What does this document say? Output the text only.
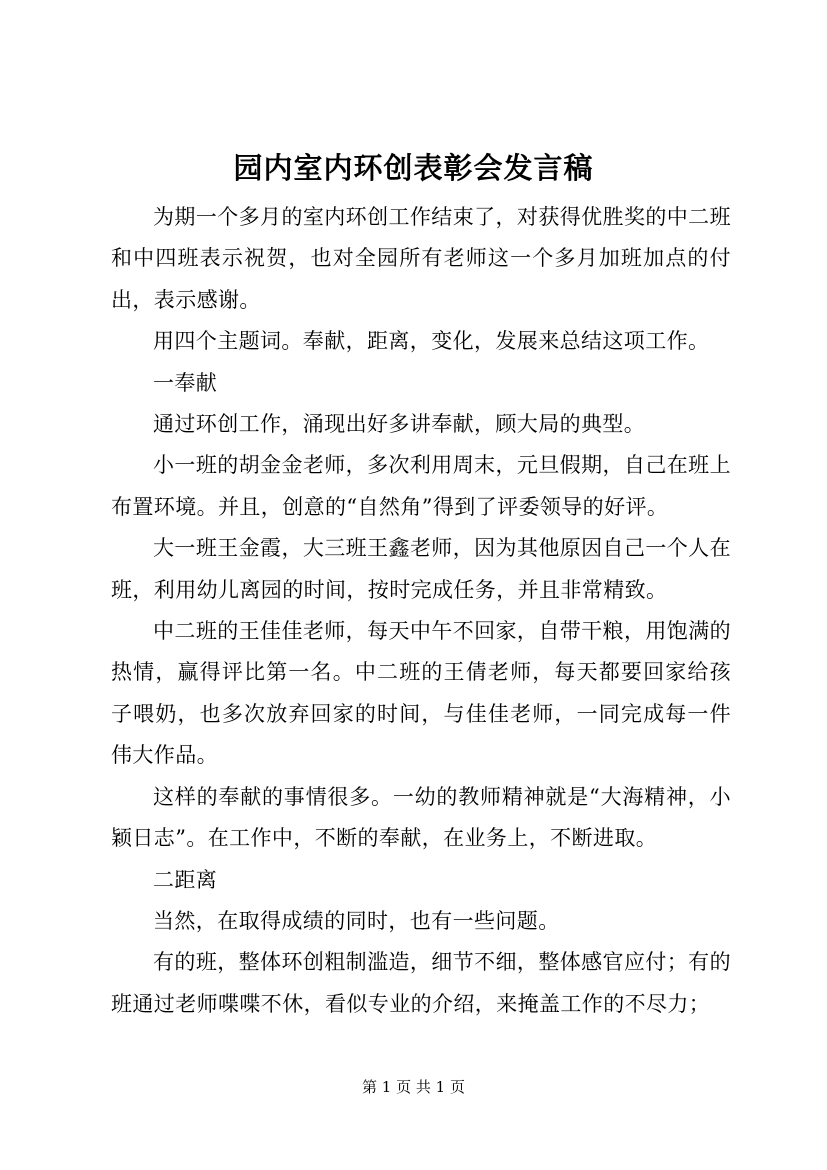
园内室内环创表彰会发言稿

为期一个多月的室内环创工作结束了，对获得优胜奖的中二班和中四班表示祝贺，也对全园所有老师这一个多月加班加点的付出，表示感谢。

用四个主题词。奉献，距离，变化，发展来总结这项工作。

一奉献

通过环创工作，涌现出好多讲奉献，顾大局的典型。

小一班的胡金金老师，多次利用周末，元旦假期，自己在班上布置环境。并且，创意的“自然角”得到了评委领导的好评。

大一班王金霞，大三班王鑫老师，因为其他原因自己一个人在班，利用幼儿离园的时间，按时完成任务，并且非常精致。

中二班的王佳佳老师，每天中午不回家，自带干粮，用饱满的热情，赢得评比第一名。中二班的王倩老师，每天都要回家给孩子喂奶，也多次放弃回家的时间，与佳佳老师，一同完成每一件伟大作品。

这样的奉献的事情很多。一幼的教师精神就是“大海精神，小颖日志”。在工作中，不断的奉献，在业务上，不断进取。

二距离

当然，在取得成绩的同时，也有一些问题。

有的班，整体环创粗制滥造，细节不细，整体感官应付；有的班通过老师喋喋不休，看似专业的介绍，来掩盖工作的不尽力；

第 1 页 共 1 页
